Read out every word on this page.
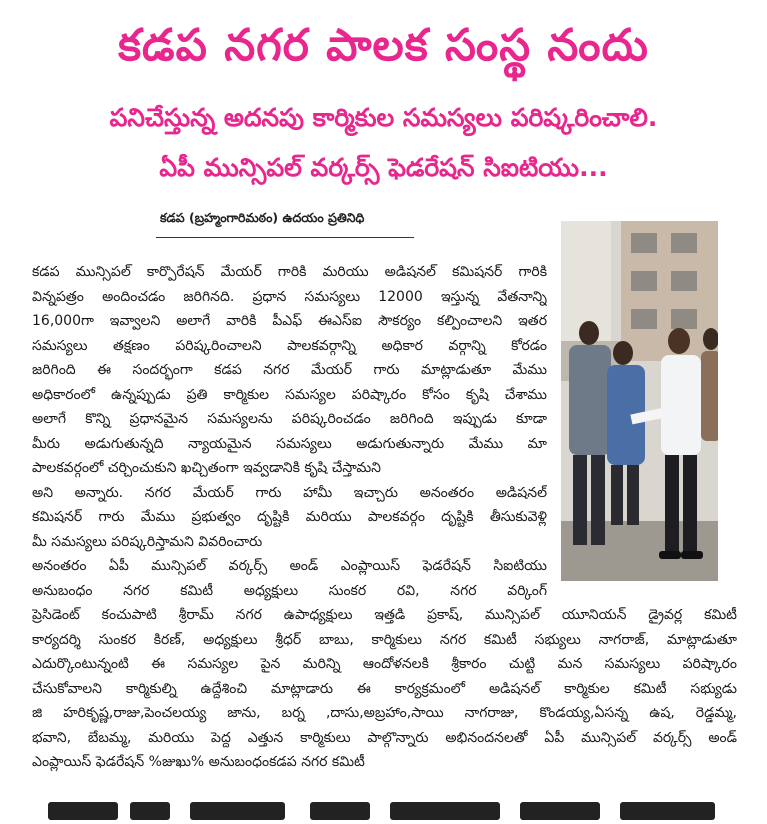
కడప నగర పాలక సంస్థ నందు
పనిచేస్తున్న అదనపు కార్మికుల సమస్యలు పరిష్కరించాలి.
ఏపీ మున్సిపల్ వర్కర్స్ ఫెడరేషన్ సిఐటియు...
కడప (బ్రహ్మంగారిమఠం) ఉదయం ప్రతినిధి
కడప మున్సిపల్ కార్పొరేషన్ మేయర్ గారికి మరియు అడిషనల్ కమిషనర్ గారికి
విన్నపత్రం అందించడం జరిగినది. ప్రధాన సమస్యలు 12000 ఇస్తున్న వేతనాన్ని
16,000గా ఇవ్వాలని అలాగే వారికి పీఎఫ్ ఈఎస్ఐ సౌకర్యం కల్పించాలని ఇతర
సమస్యలు తక్షణం పరిష్కరించాలని పాలకవర్గాన్ని అధికార వర్గాన్ని కోరడం
జరిగింది ఈ సందర్భంగా కడప నగర మేయర్ గారు మాట్లాడుతూ మేము
అధికారంలో ఉన్నప్పుడు ప్రతి కార్మికుల సమస్యల పరిష్కారం కోసం కృషి చేశాము
అలాగే కొన్ని ప్రధానమైన సమస్యలను పరిష్కరించడం జరిగింది ఇప్పుడు కూడా
మీరు అడుగుతున్నది న్యాయమైన సమస్యలు అడుగుతున్నారు మేము మా
పాలకవర్గంలో చర్చించుకుని ఖచ్చితంగా ఇవ్వడానికి కృషి చేస్తామని
అని అన్నారు. నగర మేయర్ గారు హామీ ఇచ్చారు అనంతరం అడిషనల్
కమిషనర్ గారు మేము ప్రభుత్వం దృష్టికి మరియు పాలకవర్గం దృష్టికి తీసుకువెళ్లి
మీ సమస్యలు పరిష్కరిస్తామని వివరించారు
అనంతరం ఏపీ మున్సిపల్ వర్కర్స్ అండ్ ఎంప్లాయిస్ ఫెడరేషన్ సిఐటియు
అనుబంధం నగర కమిటీ అధ్యక్షులు సుంకర రవి, నగర వర్కింగ్
ప్రెసిడెంట్ కంచుపాటి శ్రీరామ్ నగర ఉపాధ్యక్షులు ఇత్తడి ప్రకాష్, మున్సిపల్ యూనియన్ డ్రైవర్ల కమిటీ
కార్యదర్శి సుంకర కిరణ్, అధ్యక్షులు శ్రీధర్ బాబు, కార్మికులు నగర కమిటీ సభ్యులు నాగరాజ్, మాట్లాడుతూ
ఎదుర్కొంటున్నంటి ఈ సమస్యల పైన మరిన్ని ఆందోళనలకి శ్రీకారం చుట్టి మన సమస్యలు పరిష్కారం
చేసుకోవాలని కార్మికుల్ని ఉద్దేశించి మాట్లాడారు ఈ కార్యక్రమంలో అడిషనల్ కార్మికుల కమిటీ సభ్యుడు
జి హరికృష్ణ,రాజు,పెంచలయ్య జాను, బర్న ,దాసు,అబ్రహాం,సాయి నాగరాజు, కొండయ్య,ఏసన్న ఉష, రెడ్డమ్మ,
భవాని, బేబమ్మ, మరియు పెద్ద ఎత్తున కార్మికులు పాల్గొన్నారు అభినందనలతో ఏపీ మున్సిపల్ వర్కర్స్ అండ్
ఎంప్లాయిస్ ఫెడరేషన్ %జుఖు% అనుబంధంకడప నగర కమిటీ
